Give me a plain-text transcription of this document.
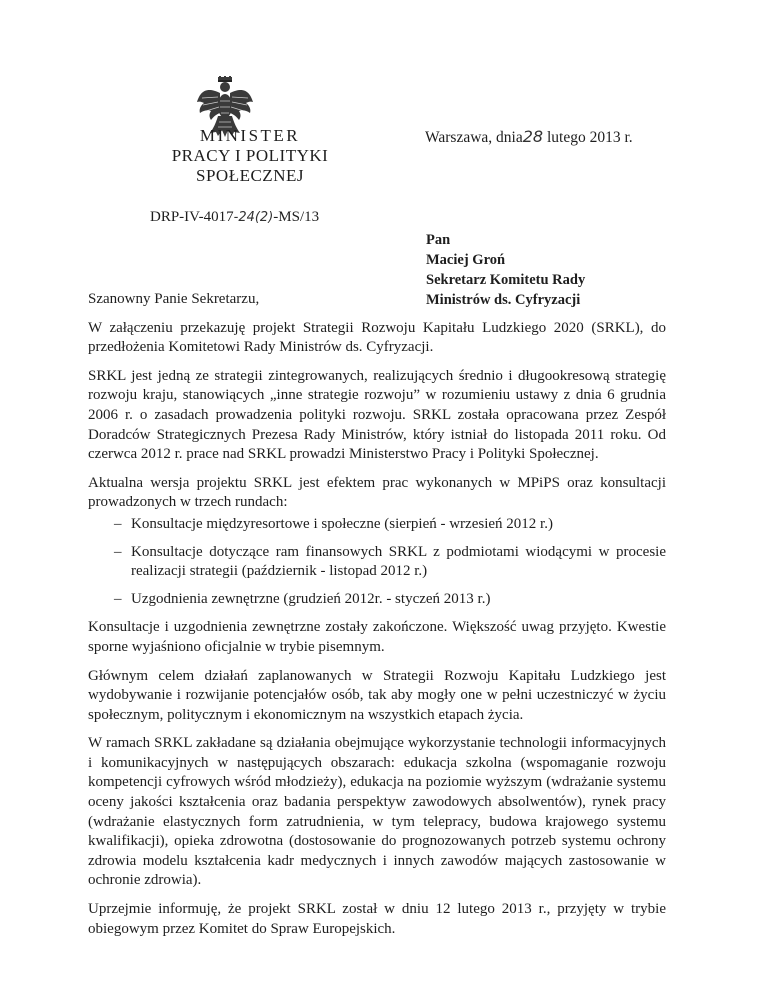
MINISTER
PRACY I POLITYKI SPOŁECZNEJ
Warszawa, dnia28 lutego 2013 r.
DRP-IV-4017-24(2)-MS/13
Pan
Maciej Groń
Sekretarz Komitetu Rady
Ministrów ds. Cyfryzacji

Szanowny Panie Sekretarzu,

W załączeniu przekazuję projekt Strategii Rozwoju Kapitału Ludzkiego 2020 (SRKL), do przedłożenia Komitetowi Rady Ministrów ds. Cyfryzacji.

SRKL jest jedną ze strategii zintegrowanych, realizujących średnio i długookresową strategię rozwoju kraju, stanowiących „inne strategie rozwoju” w rozumieniu ustawy z dnia 6 grudnia 2006 r. o zasadach prowadzenia polityki rozwoju. SRKL została opracowana przez Zespół Doradców Strategicznych Prezesa Rady Ministrów, który istniał do listopada 2011 roku. Od czerwca 2012 r. prace nad SRKL prowadzi Ministerstwo Pracy i Polityki Społecznej.

Aktualna wersja projektu SRKL jest efektem prac wykonanych w MPiPS oraz konsultacji prowadzonych w trzech rundach:

– Konsultacje międzyresortowe i społeczne (sierpień - wrzesień 2012 r.)
– Konsultacje dotyczące ram finansowych SRKL z podmiotami wiodącymi w procesie realizacji strategii (październik - listopad 2012 r.)
– Uzgodnienia zewnętrzne (grudzień 2012r. - styczeń 2013 r.)

Konsultacje i uzgodnienia zewnętrzne zostały zakończone. Większość uwag przyjęto. Kwestie sporne wyjaśniono oficjalnie w trybie pisemnym.

Głównym celem działań zaplanowanych w Strategii Rozwoju Kapitału Ludzkiego jest wydobywanie i rozwijanie potencjałów osób, tak aby mogły one w pełni uczestniczyć w życiu społecznym, politycznym i ekonomicznym na wszystkich etapach życia.

W ramach SRKL zakładane są działania obejmujące wykorzystanie technologii informacyjnych i komunikacyjnych w następujących obszarach: edukacja szkolna (wspomaganie rozwoju kompetencji cyfrowych wśród młodzieży), edukacja na poziomie wyższym (wdrażanie systemu oceny jakości kształcenia oraz badania perspektyw zawodowych absolwentów), rynek pracy (wdrażanie elastycznych form zatrudnienia, w tym telepracy, budowa krajowego systemu kwalifikacji), opieka zdrowotna (dostosowanie do prognozowanych potrzeb systemu ochrony zdrowia modelu kształcenia kadr medycznych i innych zawodów mających zastosowanie w ochronie zdrowia).

Uprzejmie informuję, że projekt SRKL został w dniu 12 lutego 2013 r., przyjęty w trybie obiegowym przez Komitet do Spraw Europejskich.
